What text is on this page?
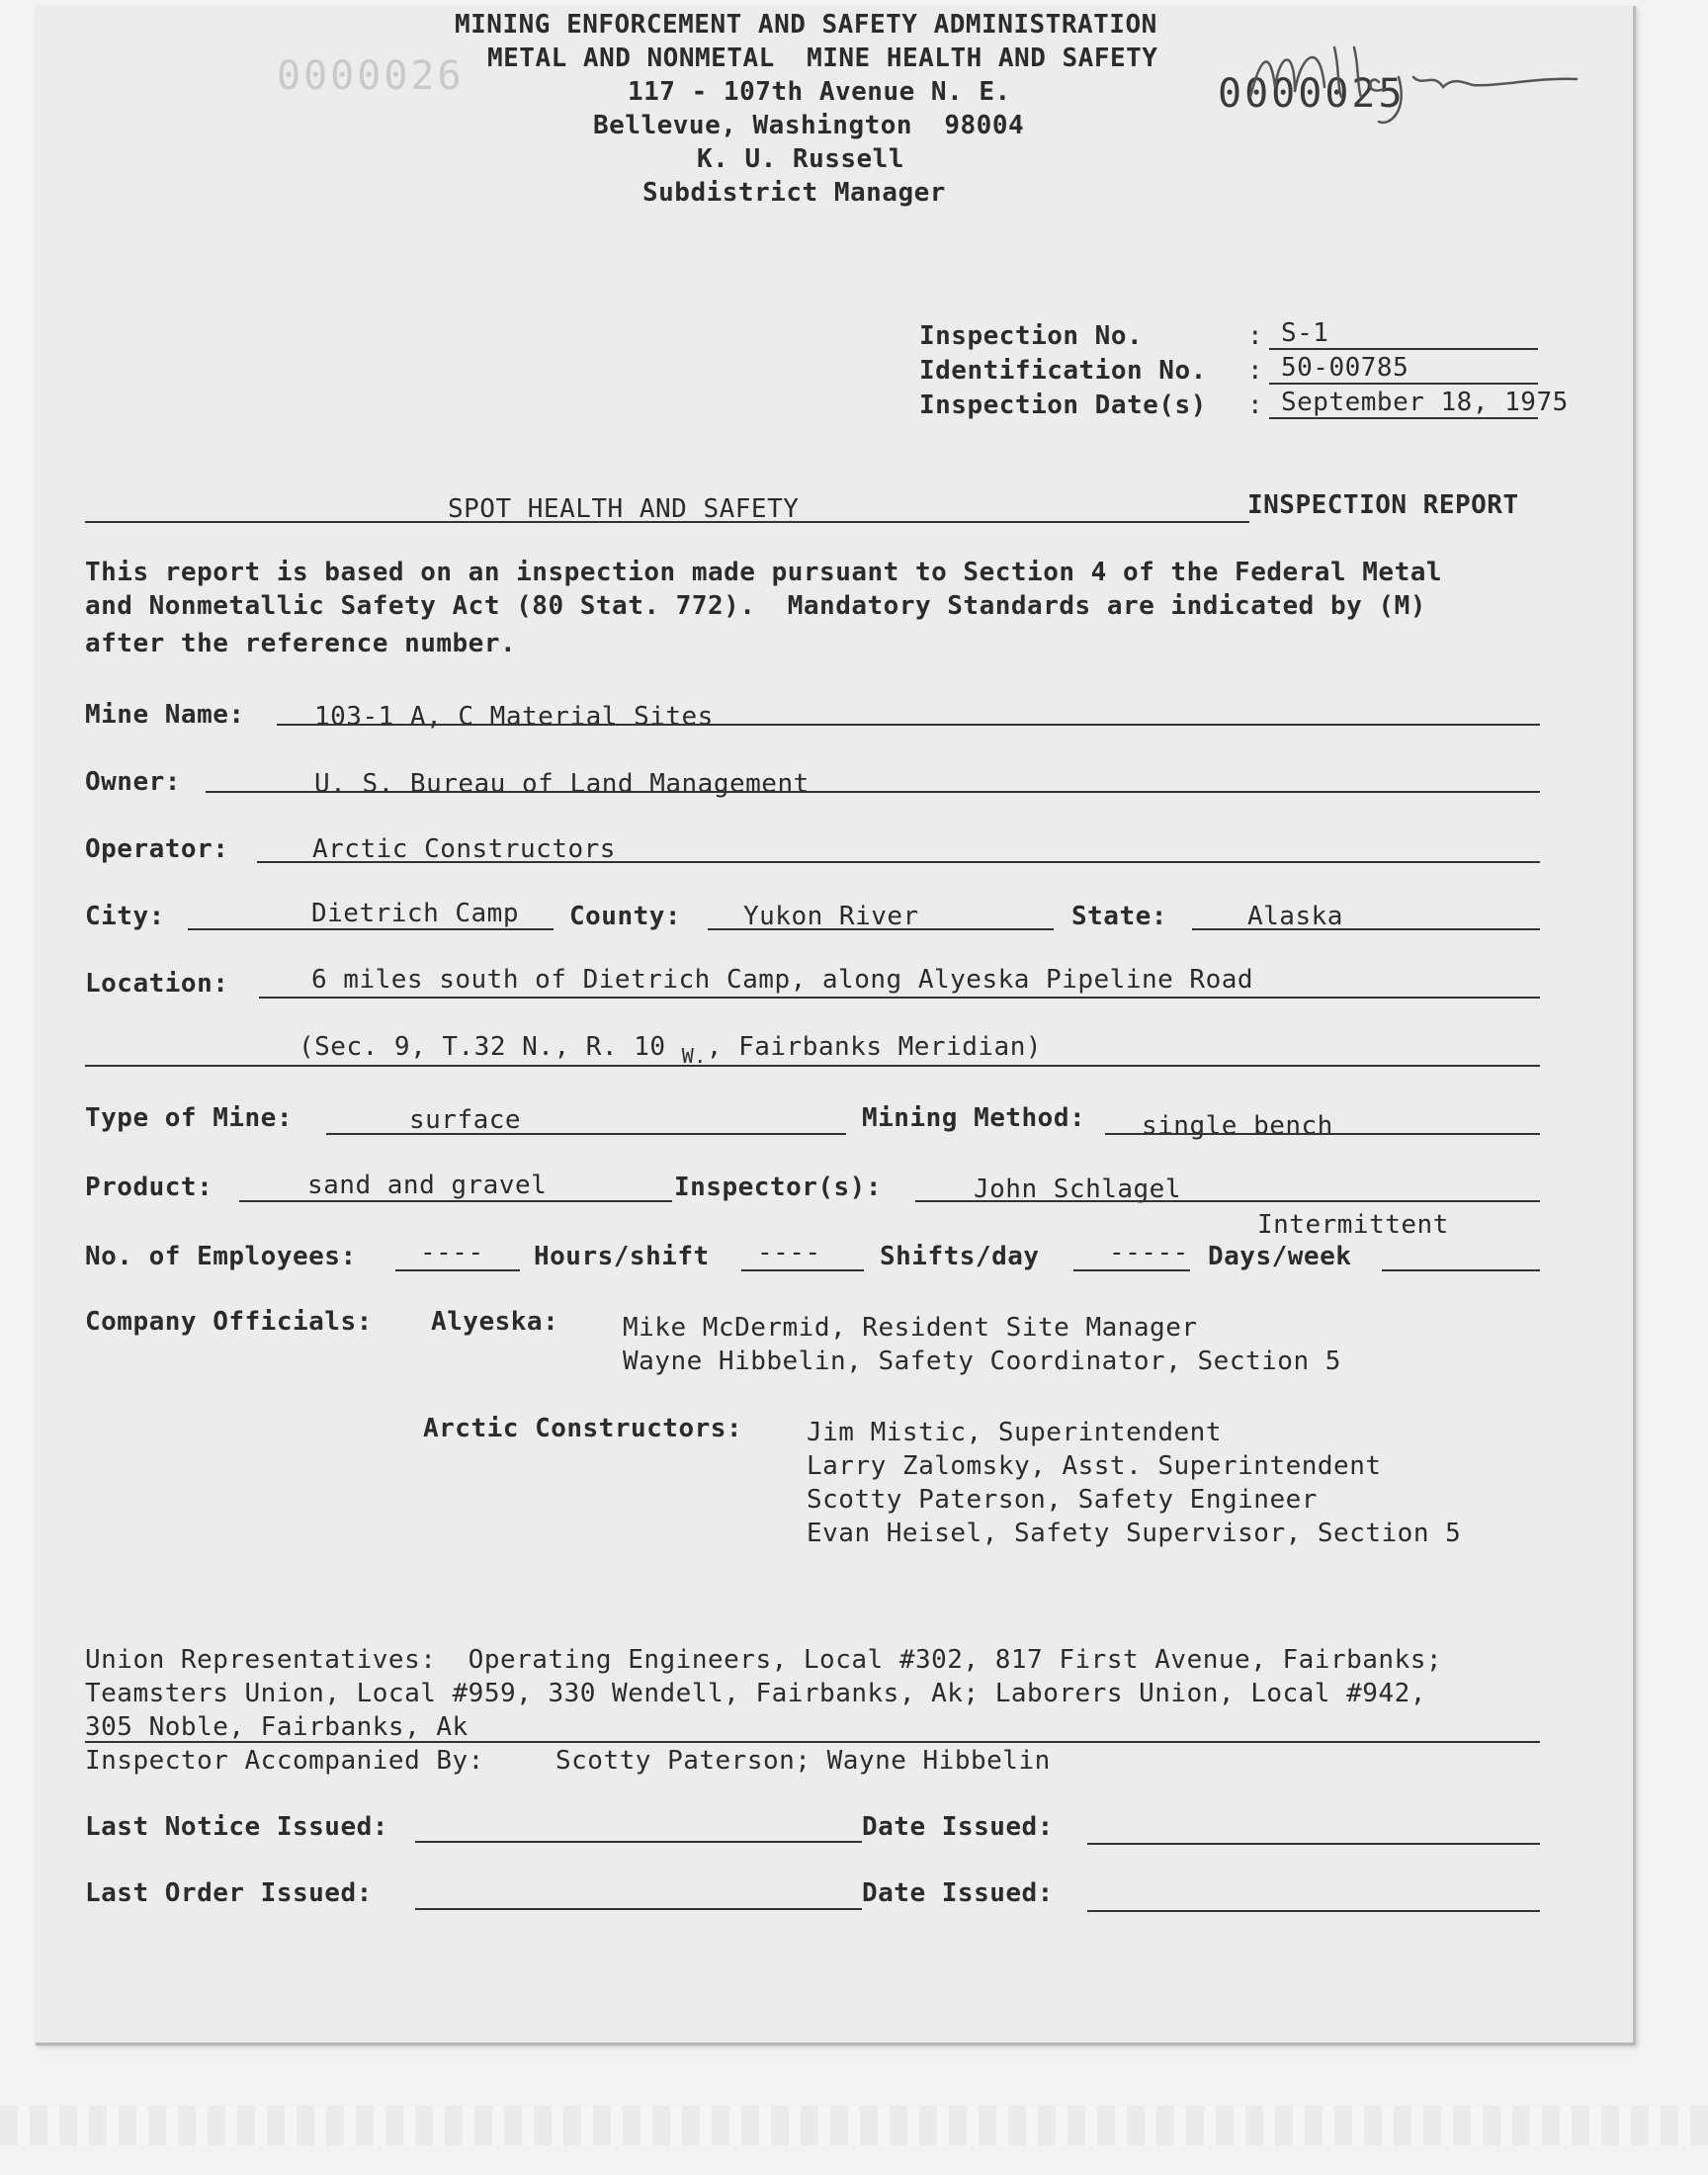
MINING ENFORCEMENT AND SAFETY ADMINISTRATION
METAL AND NONMETAL  MINE HEALTH AND SAFETY
117 - 107th Avenue N. E.
Bellevue, Washington  98004
K. U. Russell
Subdistrict Manager
0000026	0000025
Inspection No.	: S-1
Identification No. : 50-00785
Inspection Date(s) : September 18, 1975
SPOT HEALTH AND SAFETY	INSPECTION REPORT
This report is based on an inspection made pursuant to Section 4 of the Federal Metal
and Nonmetallic Safety Act (80 Stat. 772).  Mandatory Standards are indicated by (M)
after the reference number.
Mine Name:	103-1 A, C Material Sites
Owner:	U. S. Bureau of Land Management
Operator:	Arctic Constructors
City:	Dietrich Camp County: Yukon River	State:	Alaska
Location:	6 miles south of Dietrich Camp, along Alyeska Pipeline Road
(Sec. 9, T.32 N., R. 10 $_{W.}$, Fairbanks Meridian)
Type of Mine:	surface	Mining Method: single bench
Product:	sand and gravel	Inspector(s):	John Schlagel
Intermittent
No. of Employees: ---- Hours/shift ---- Shifts/day	----- Days/week
Company Officials: Alyeska: Mike McDermid, Resident Site Manager
Wayne Hibbelin, Safety Coordinator, Section 5
Arctic Constructors: Jim Mistic, Superintendent
Larry Zalomsky, Asst. Superintendent
Scotty Paterson, Safety Engineer
Evan Heisel, Safety Supervisor, Section 5
Union Representatives:  Operating Engineers, Local #302, 817 First Avenue, Fairbanks;
Teamsters Union, Local #959, 330 Wendell, Fairbanks, Ak; Laborers Union, Local #942,
305 Noble, Fairbanks, Ak
Inspector Accompanied By:	Scotty Paterson; Wayne Hibbelin
Last Notice Issued:	Date Issued:
Last Order Issued:	Date Issued:
